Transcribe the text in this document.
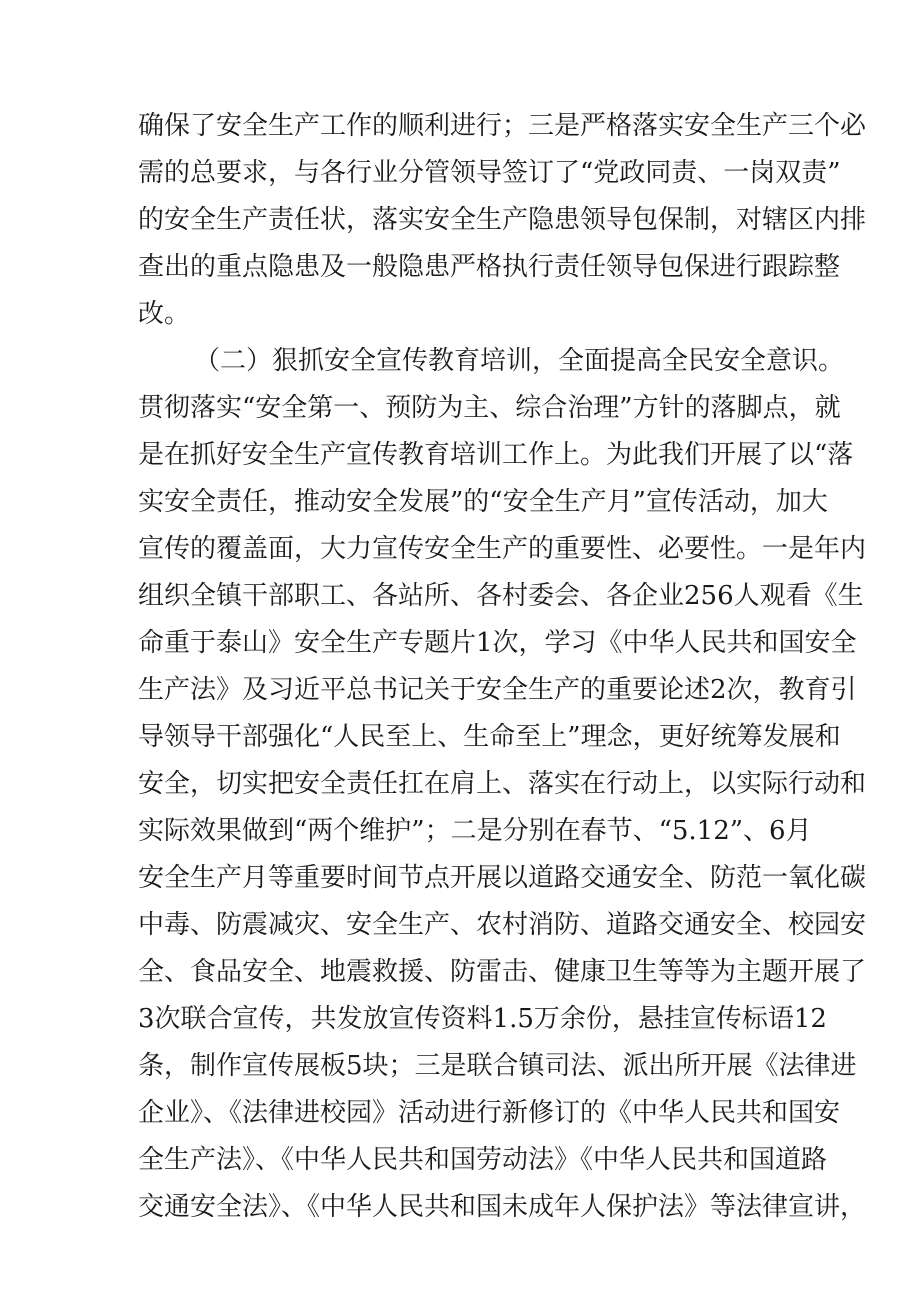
确保了安全生产工作的顺利进行；三是严格落实安全生产三个必
需的总要求，与各行业分管领导签订了“党政同责、一岗双责”
的安全生产责任状，落实安全生产隐患领导包保制，对辖区内排
查出的重点隐患及一般隐患严格执行责任领导包保进行跟踪整
改。
（二）狠抓安全宣传教育培训，全面提高全民安全意识。
贯彻落实“安全第一、预防为主、综合治理”方针的落脚点，就
是在抓好安全生产宣传教育培训工作上。为此我们开展了以“落
实安全责任，推动安全发展”的“安全生产月”宣传活动，加大
宣传的覆盖面，大力宣传安全生产的重要性、必要性。一是年内
组织全镇干部职工、各站所、各村委会、各企业256人观看《生
命重于泰山》安全生产专题片1次，学习《中华人民共和国安全
生产法》及习近平总书记关于安全生产的重要论述2次，教育引
导领导干部强化“人民至上、生命至上”理念，更好统筹发展和
安全，切实把安全责任扛在肩上、落实在行动上，以实际行动和
实际效果做到“两个维护”；二是分别在春节、“5.12”、6月
安全生产月等重要时间节点开展以道路交通安全、防范一氧化碳
中毒、防震减灾、安全生产、农村消防、道路交通安全、校园安
全、食品安全、地震救援、防雷击、健康卫生等等为主题开展了
3次联合宣传，共发放宣传资料1.5万余份，悬挂宣传标语12
条，制作宣传展板5块；三是联合镇司法、派出所开展《法律进
企业》、《法律进校园》活动进行新修订的《中华人民共和国安
全生产法》、《中华人民共和国劳动法》《中华人民共和国道路
交通安全法》、《中华人民共和国未成年人保护法》等法律宣讲，
